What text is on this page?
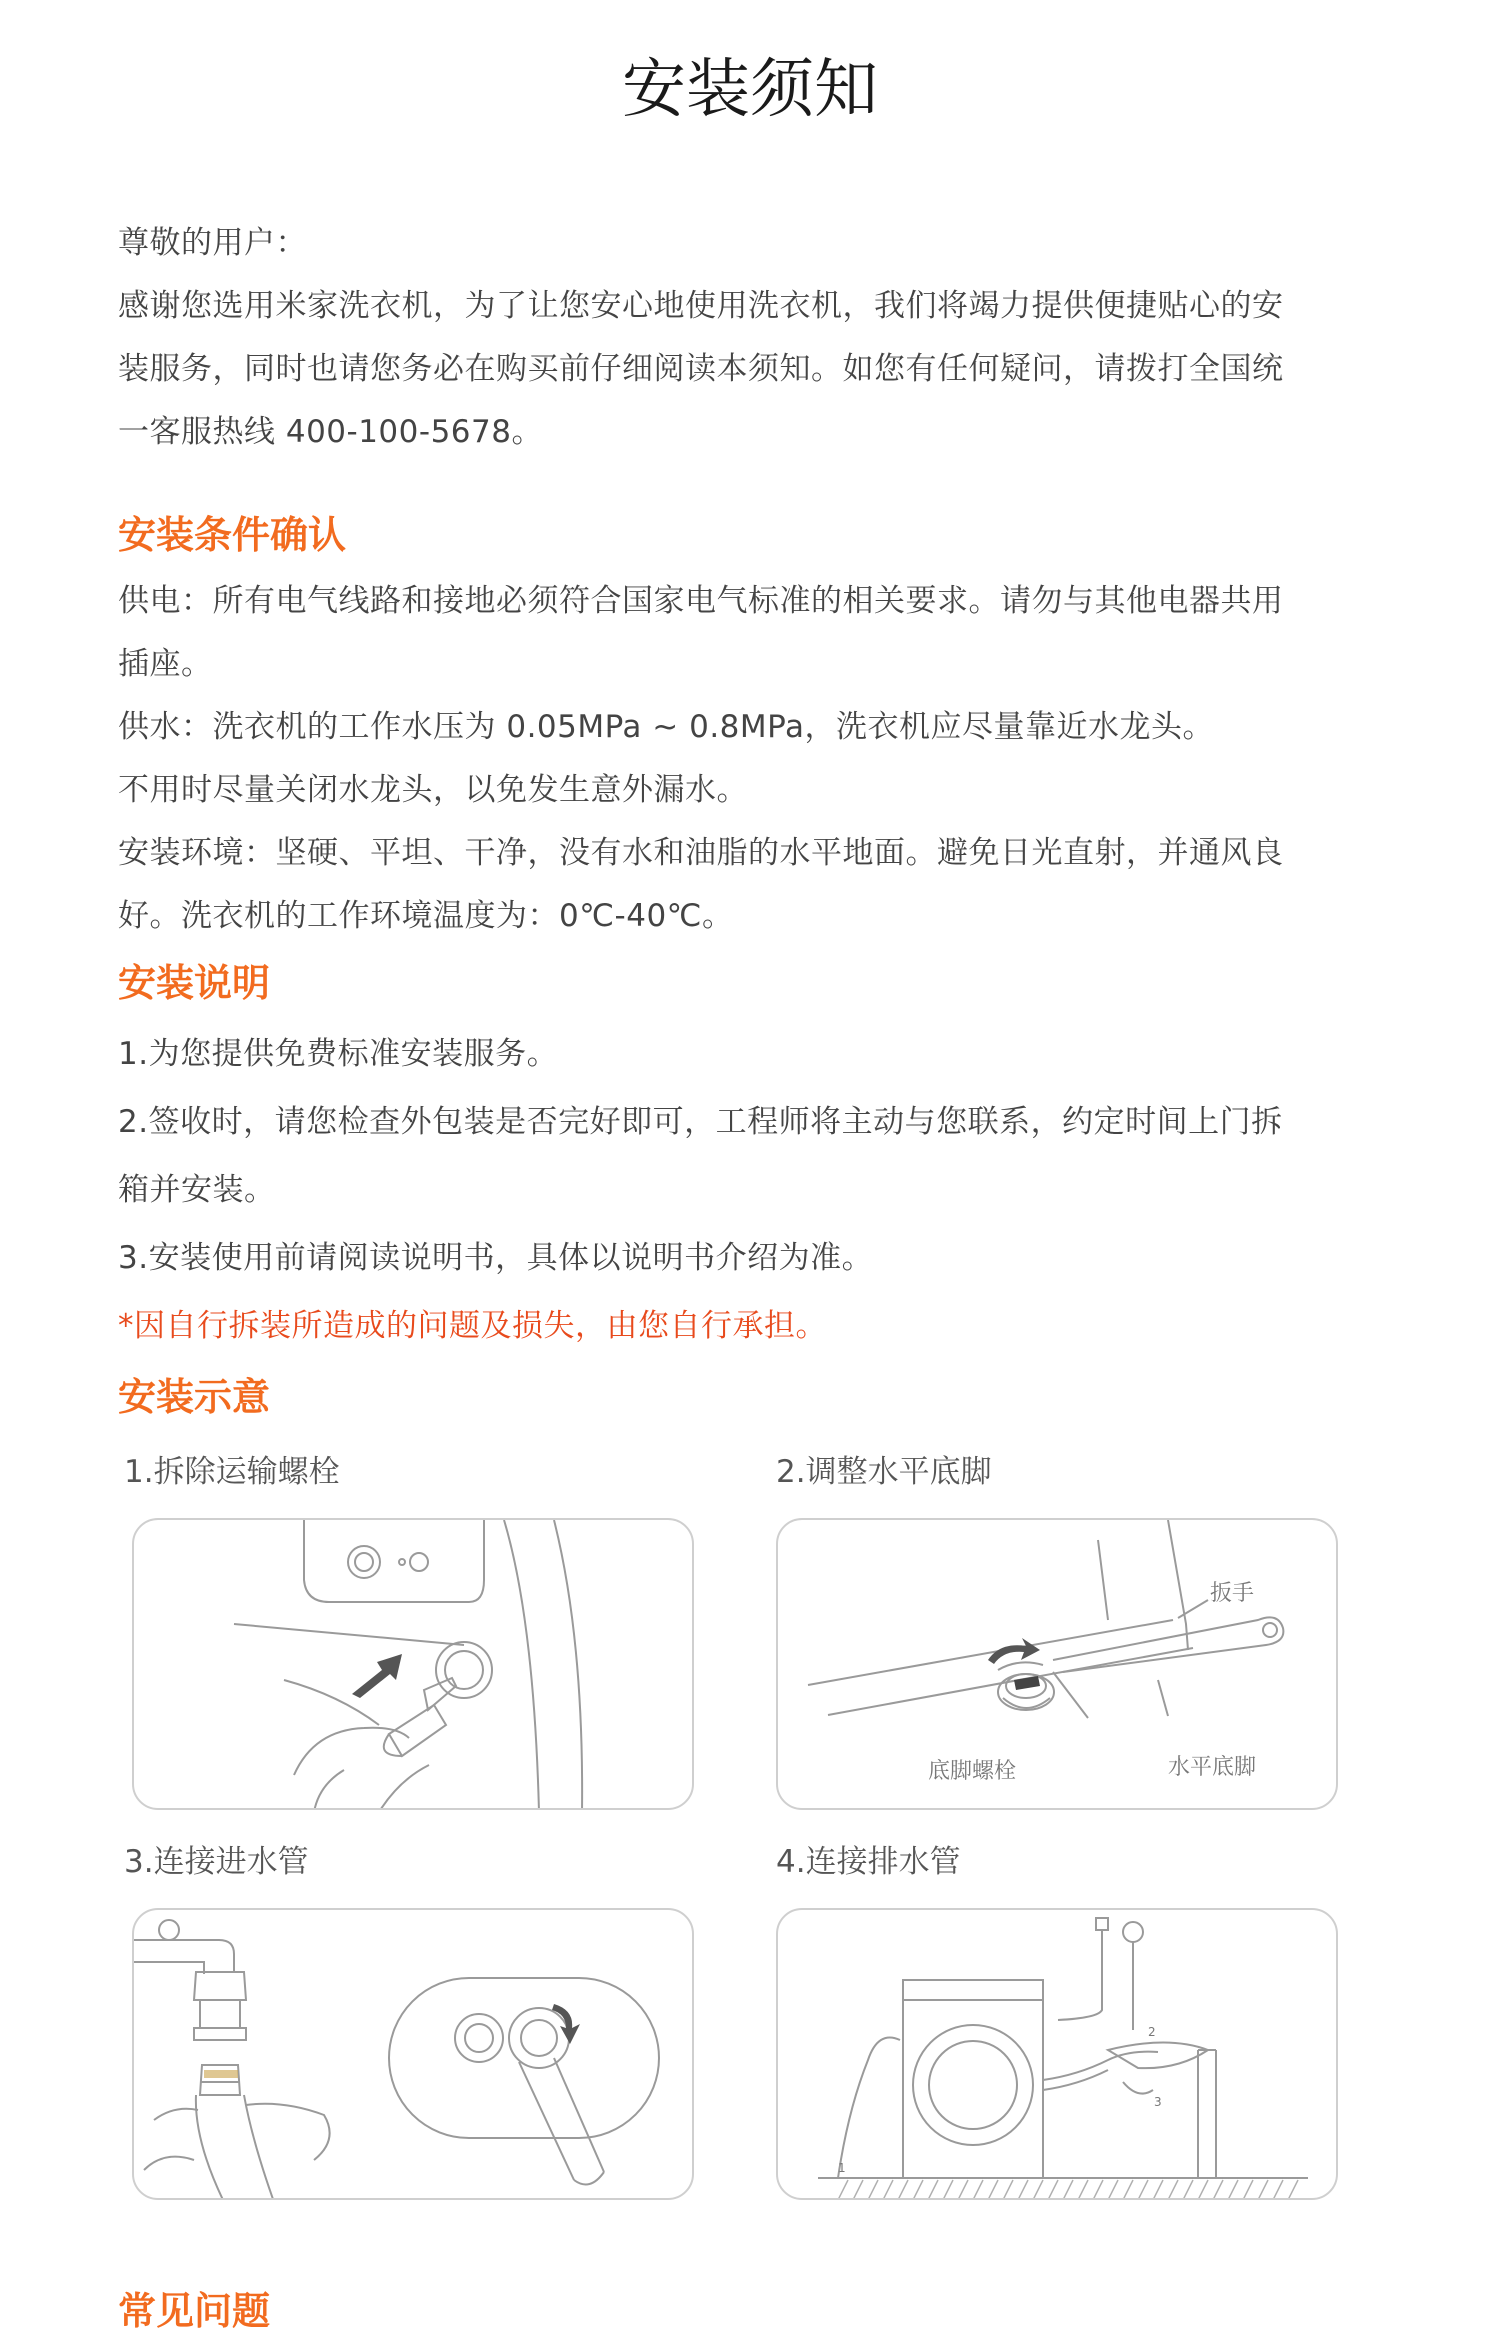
安装须知

尊敬的用户：

感谢您选用米家洗衣机，为了让您安心地使用洗衣机，我们将竭力提供便捷贴心的安

装服务，同时也请您务必在购买前仔细阅读本须知。如您有任何疑问，请拨打全国统

一客服热线 400-100-5678。

安装条件确认

供电：所有电气线路和接地必须符合国家电气标准的相关要求。请勿与其他电器共用

插座。

供水：洗衣机的工作水压为 0.05MPa ~ 0.8MPa，洗衣机应尽量靠近水龙头。

不用时尽量关闭水龙头，以免发生意外漏水。

安装环境：坚硬、平坦、干净，没有水和油脂的水平地面。避免日光直射，并通风良

好。洗衣机的工作环境温度为：0℃-40℃。

安装说明

1.为您提供免费标准安装服务。

2.签收时，请您检查外包装是否完好即可，工程师将主动与您联系，约定时间上门拆

箱并安装。

3.安装使用前请阅读说明书，具体以说明书介绍为准。

*因自行拆装所造成的问题及损失，由您自行承担。

安装示意
1.拆除运输螺栓	2.调整水平底脚
扳手
底脚螺栓	水平底脚
3.连接进水管	4.连接排水管
1
2
3
常见问题
